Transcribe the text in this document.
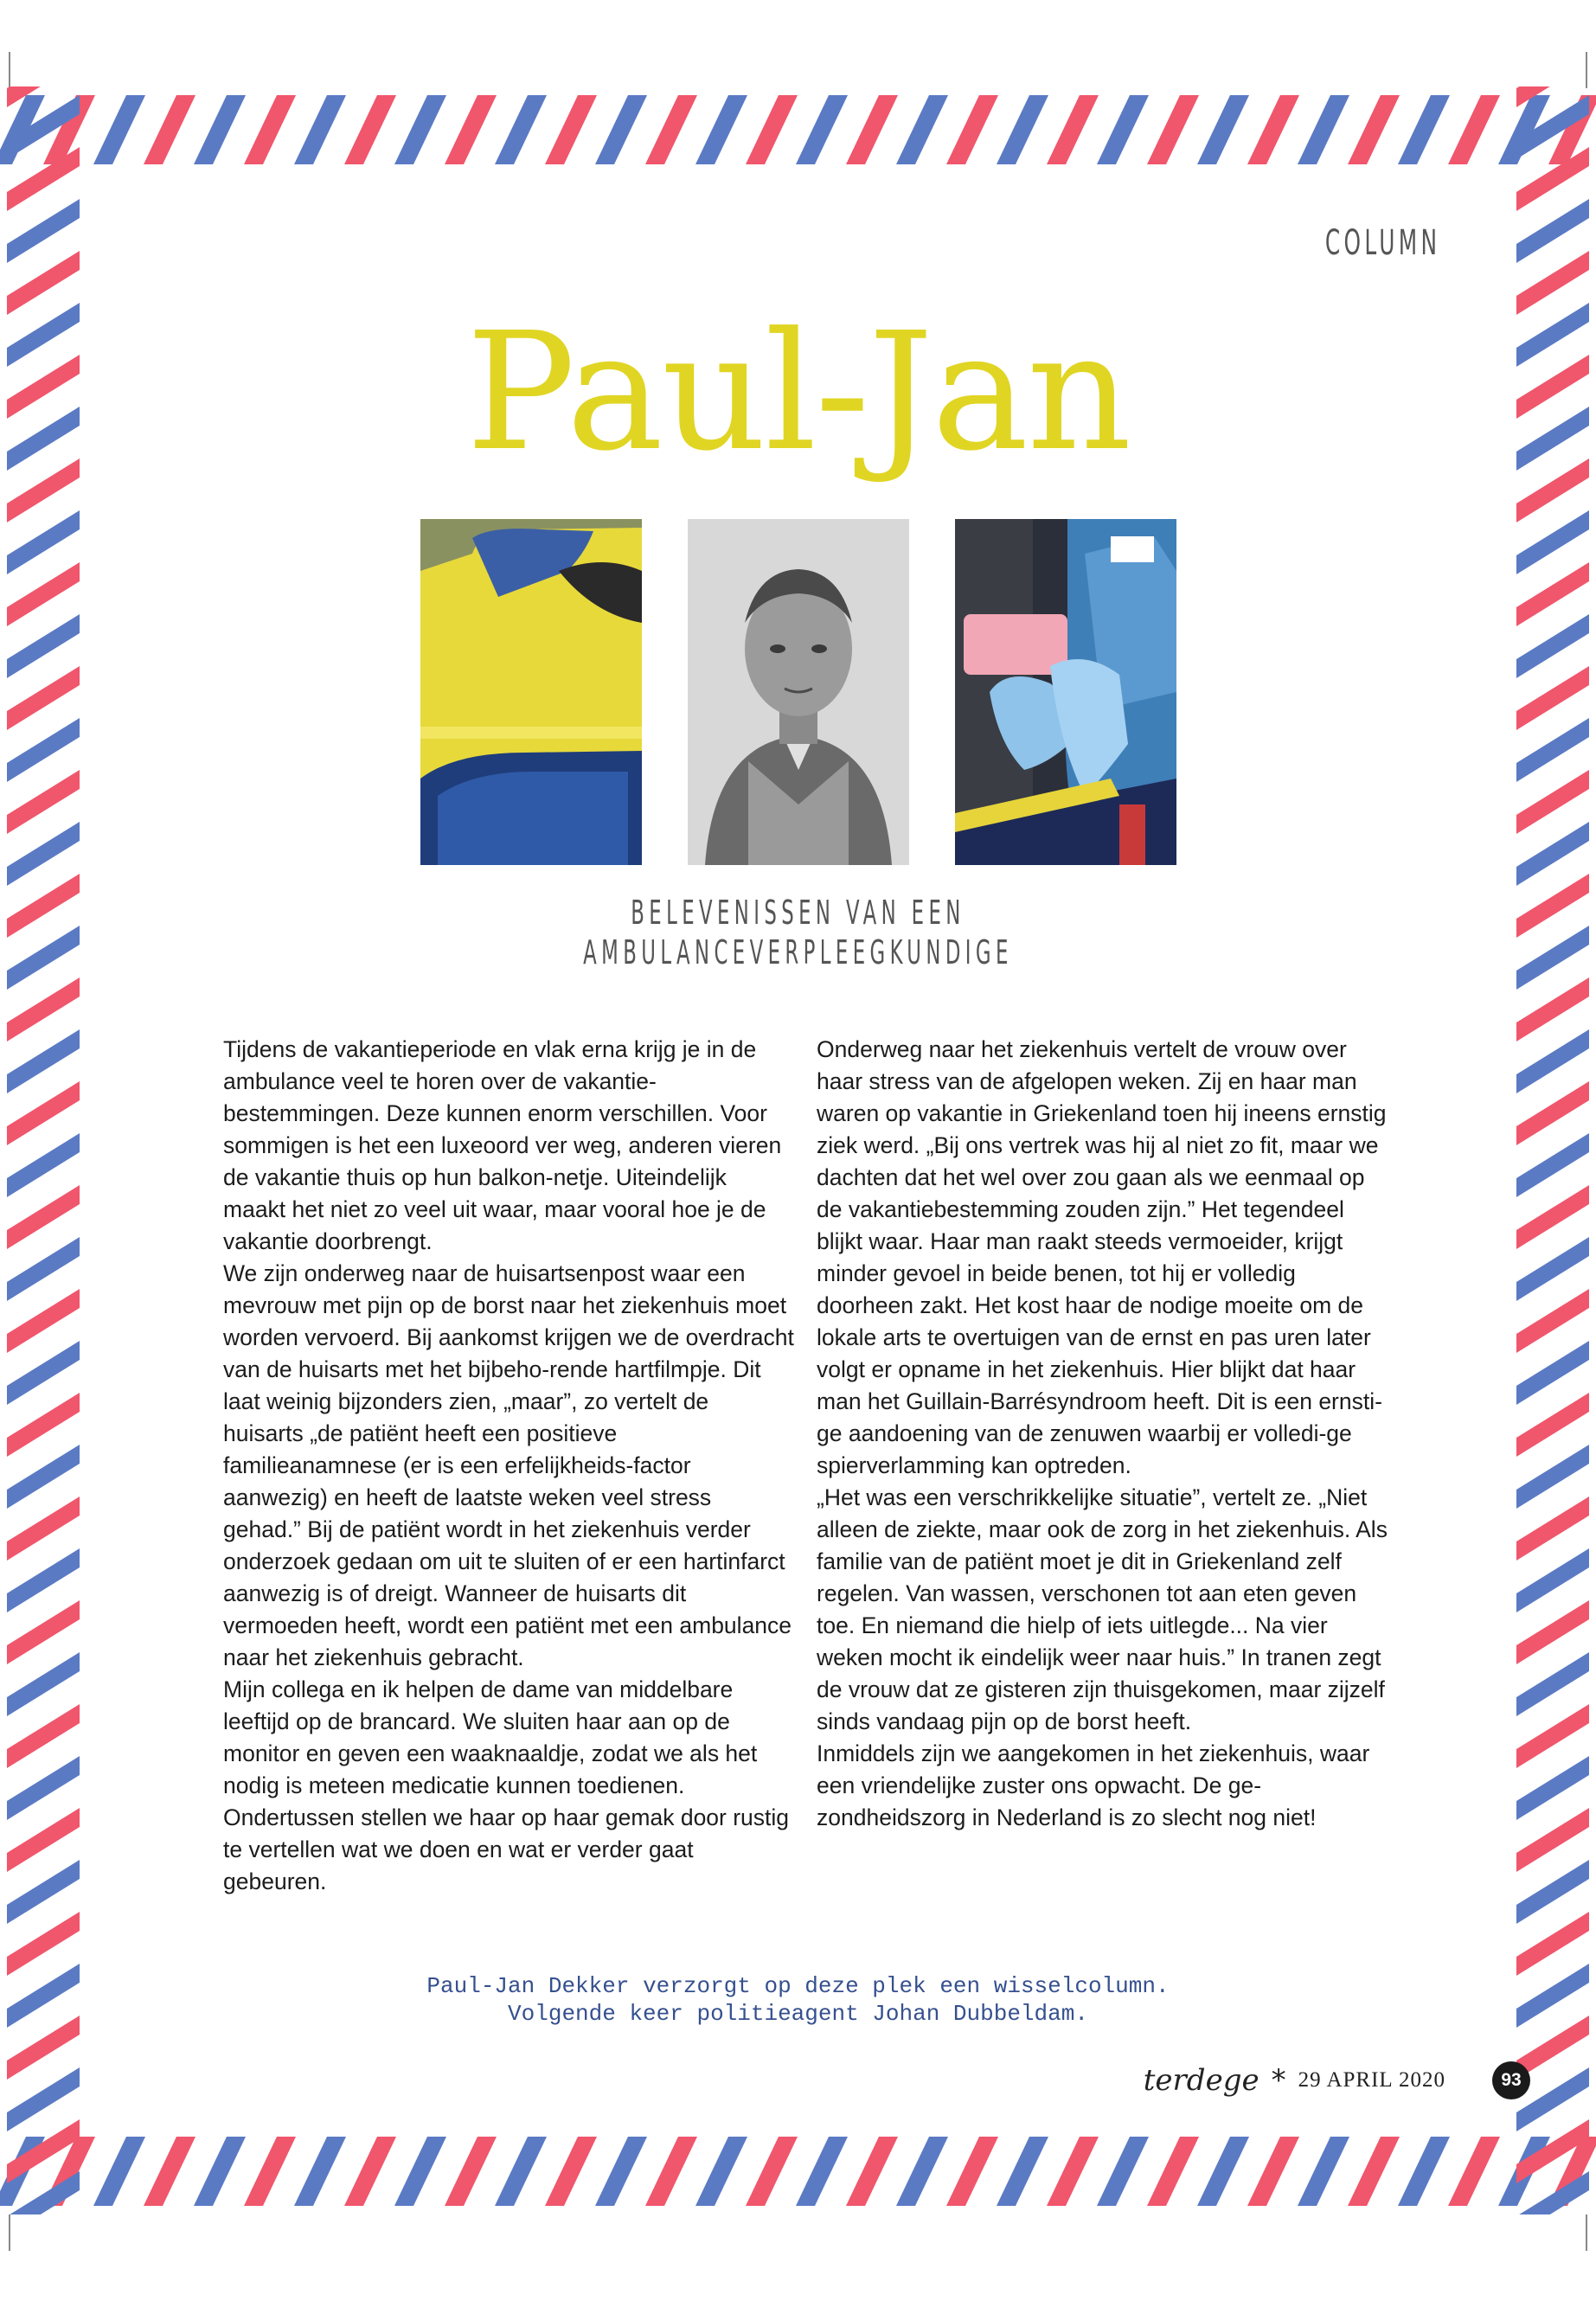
COLUMN
Paul-Jan
BELEVENISSEN VAN EEN
AMBULANCEVERPLEEGKUNDIGE

Tijdens de vakantieperiode en vlak erna krijg je in de ambulance veel te horen over de vakantie-bestemmingen. Deze kunnen enorm verschillen. Voor sommigen is het een luxeoord ver weg, anderen vieren de vakantie thuis op hun balkon-netje. Uiteindelijk maakt het niet zo veel uit waar, maar vooral hoe je de vakantie doorbrengt.

We zijn onderweg naar de huisartsenpost waar een mevrouw met pijn op de borst naar het ziekenhuis moet worden vervoerd. Bij aankomst krijgen we de overdracht van de huisarts met het bijbeho-rende hartfilmpje. Dit laat weinig bijzonders zien, „maar”, zo vertelt de huisarts „de patiënt heeft een positieve familieanamnese (er is een erfelijkheids-factor aanwezig) en heeft de laatste weken veel stress gehad.” Bij de patiënt wordt in het ziekenhuis verder onderzoek gedaan om uit te sluiten of er een hartinfarct aanwezig is of dreigt. Wanneer de huisarts dit vermoeden heeft, wordt een patiënt met een ambulance naar het ziekenhuis gebracht.

Mijn collega en ik helpen de dame van middelbare leeftijd op de brancard. We sluiten haar aan op de monitor en geven een waaknaaldje, zodat we als het nodig is meteen medicatie kunnen toedienen. Ondertussen stellen we haar op haar gemak door rustig te vertellen wat we doen en wat er verder gaat gebeuren.

Onderweg naar het ziekenhuis vertelt de vrouw over haar stress van de afgelopen weken. Zij en haar man waren op vakantie in Griekenland toen hij ineens ernstig ziek werd. „Bij ons vertrek was hij al niet zo fit, maar we dachten dat het wel over zou gaan als we eenmaal op de vakantiebestemming zouden zijn.” Het tegendeel blijkt waar. Haar man raakt steeds vermoeider, krijgt minder gevoel in beide benen, tot hij er volledig doorheen zakt. Het kost haar de nodige moeite om de lokale arts te overtuigen van de ernst en pas uren later volgt er opname in het ziekenhuis. Hier blijkt dat haar man het Guillain-Barrésyndroom heeft. Dit is een ernsti-ge aandoening van de zenuwen waarbij er volledi-ge spierverlamming kan optreden.

„Het was een verschrikkelijke situatie”, vertelt ze. „Niet alleen de ziekte, maar ook de zorg in het ziekenhuis. Als familie van de patiënt moet je dit in Griekenland zelf regelen. Van wassen, verschonen tot aan eten geven toe. En niemand die hielp of iets uitlegde... Na vier weken mocht ik eindelijk weer naar huis.” In tranen zegt de vrouw dat ze gisteren zijn thuisgekomen, maar zijzelf sinds vandaag pijn op de borst heeft.

Inmiddels zijn we aangekomen in het ziekenhuis, waar een vriendelijke zuster ons opwacht. De ge-zondheidszorg in Nederland is zo slecht nog niet!

Paul-Jan Dekker verzorgt op deze plek een wisselcolumn.
Volgende keer politieagent Johan Dubbeldam.
terdege * 29 APRIL 2020	93
